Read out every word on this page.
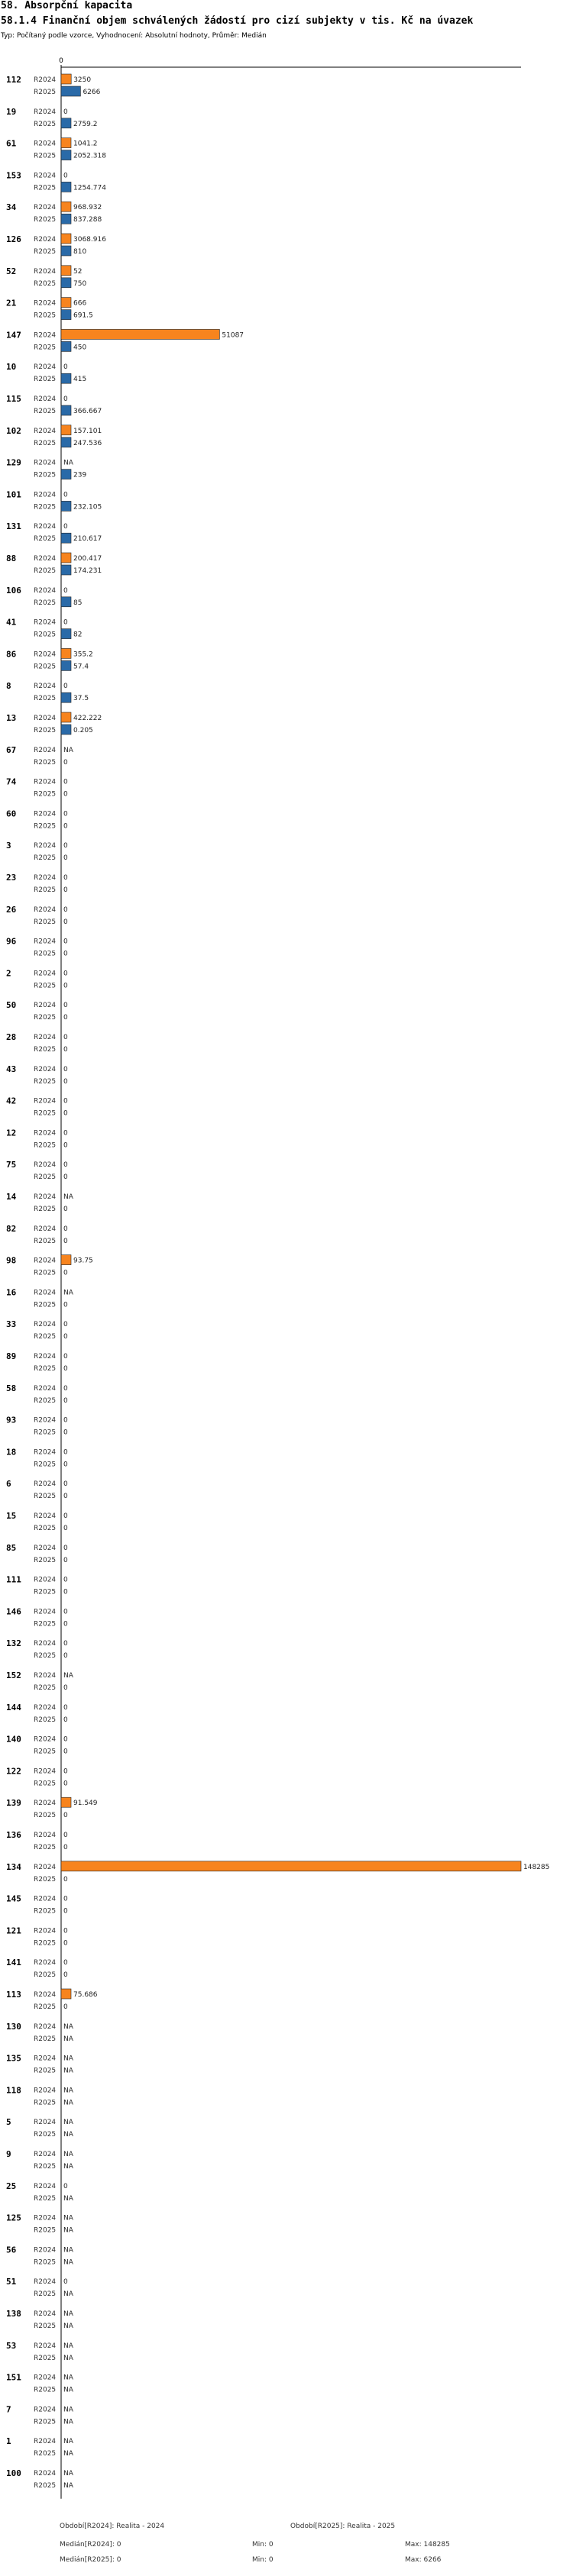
58. Absorpční kapacita
58.1.4 Finanční objem schválených žádostí pro cizí subjekty v tis. Kč na úvazek
Typ: Počítaný podle vzorce, Vyhodnocení: Absolutní hodnoty, Průměr: Medián
0
112 R2024	3250
R2025	6266
19	R2024 0
R2025	2759.2
61	R2024	1041.2
R2025	2052.318
153 R2024 0
R2025	1254.774
34	R2024	968.932
R2025	837.288
126 R2024	3068.916
R2025	810
52	R2024	52
R2025	750
21	R2024	666
R2025	691.5
147 R2024	51087
R2025	450
10	R2024 0
R2025	415
115 R2024 0
R2025	366.667
102 R2024	157.101
R2025	247.536
129 R2024 NA
R2025	239
101 R2024 0
R2025	232.105
131 R2024 0
R2025	210.617
88	R2024	200.417
R2025	174.231
106 R2024 0
R2025	85
41	R2024 0
R2025	82
86	R2024	355.2
R2025	57.4
8	R2024 0
R2025	37.5
13	R2024	422.222
R2025	0.205
67	R2024 NA
R2025 0
74	R2024 0
R2025 0
60	R2024 0
R2025 0
3	R2024 0
R2025 0
23	R2024 0
R2025 0
26	R2024 0
R2025 0
96	R2024 0
R2025 0
2	R2024 0
R2025 0
50	R2024 0
R2025 0
28	R2024 0
R2025 0
43	R2024 0
R2025 0
42	R2024 0
R2025 0
12	R2024 0
R2025 0
75	R2024 0
R2025 0
14	R2024 NA
R2025 0
82	R2024 0
R2025 0
98	R2024	93.75
R2025 0
16	R2024 NA
R2025 0
33	R2024 0
R2025 0
89	R2024 0
R2025 0
58	R2024 0
R2025 0
93	R2024 0
R2025 0
18	R2024 0
R2025 0
6	R2024 0
R2025 0
15	R2024 0
R2025 0
85	R2024 0
R2025 0
111 R2024 0
R2025 0
146 R2024 0
R2025 0
132 R2024 0
R2025 0
152 R2024 NA
R2025 0
144 R2024 0
R2025 0
140 R2024 0
R2025 0
122 R2024 0
R2025 0
139 R2024	91.549
R2025 0
136 R2024 0
R2025 0
134 R2024	148285
R2025 0
145 R2024 0
R2025 0
121 R2024 0
R2025 0
141 R2024 0
R2025 0
113 R2024	75.686
R2025 0
130 R2024 NA
R2025 NA
135 R2024 NA
R2025 NA
118 R2024 NA
R2025 NA
5	R2024 NA
R2025 NA
9	R2024 NA
R2025 NA
25	R2024 0
R2025 NA
125 R2024 NA
R2025 NA
56	R2024 NA
R2025 NA
51	R2024 0
R2025 NA
138 R2024 NA
R2025 NA
53	R2024 NA
R2025 NA
151 R2024 NA
R2025 NA
7	R2024 NA
R2025 NA
1	R2024 NA
R2025 NA
100 R2024 NA
R2025 NA
Období[R2024]: Realita - 2024	Období[R2025]: Realita - 2025
Medián[R2024]: 0	Min: 0	Max: 148285
Medián[R2025]: 0	Min: 0	Max: 6266
